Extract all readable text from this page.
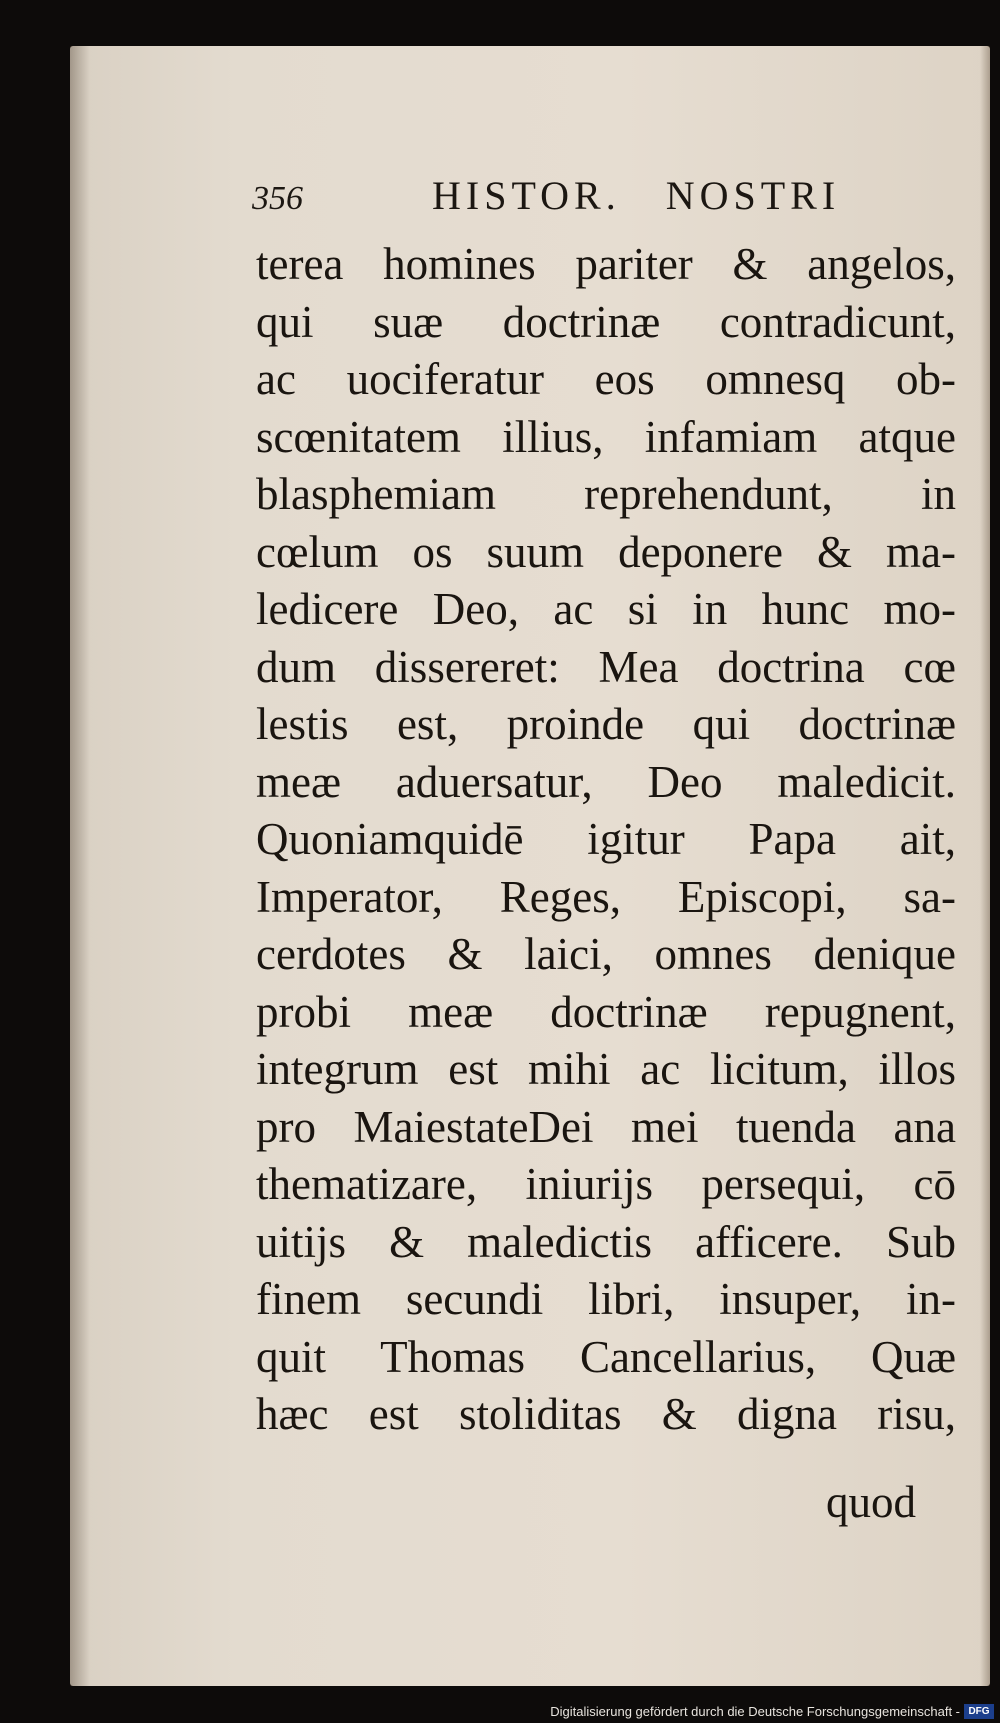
356	HISTOR.   NOSTRI
terea homines pariter & angelos,
qui suæ doctrinæ contradicunt,
ac uociferatur eos omnesq ob-
scœnitatem illius, infamiam atque
blasphemiam reprehendunt, in
cœlum os suum deponere & ma-
ledicere Deo, ac si in hunc mo-
dum dissereret: Mea doctrina cœ
lestis est, proinde qui doctrinæ
meæ aduersatur, Deo maledicit.
Quoniamquidē igitur Papa ait,
Imperator, Reges, Episcopi, sa-
cerdotes & laici, omnes denique
probi meæ doctrinæ repugnent,
integrum est mihi ac licitum, illos
pro MaiestateDei mei tuenda ana
thematizare, iniurijs persequi, cō
uitijs & maledictis afficere. Sub
finem secundi libri, insuper, in-
quit Thomas Cancellarius, Quæ
hæc est stoliditas & digna risu,
quod
Digitalisierung gefördert durch die Deutsche Forschungsgemeinschaft - DFG
